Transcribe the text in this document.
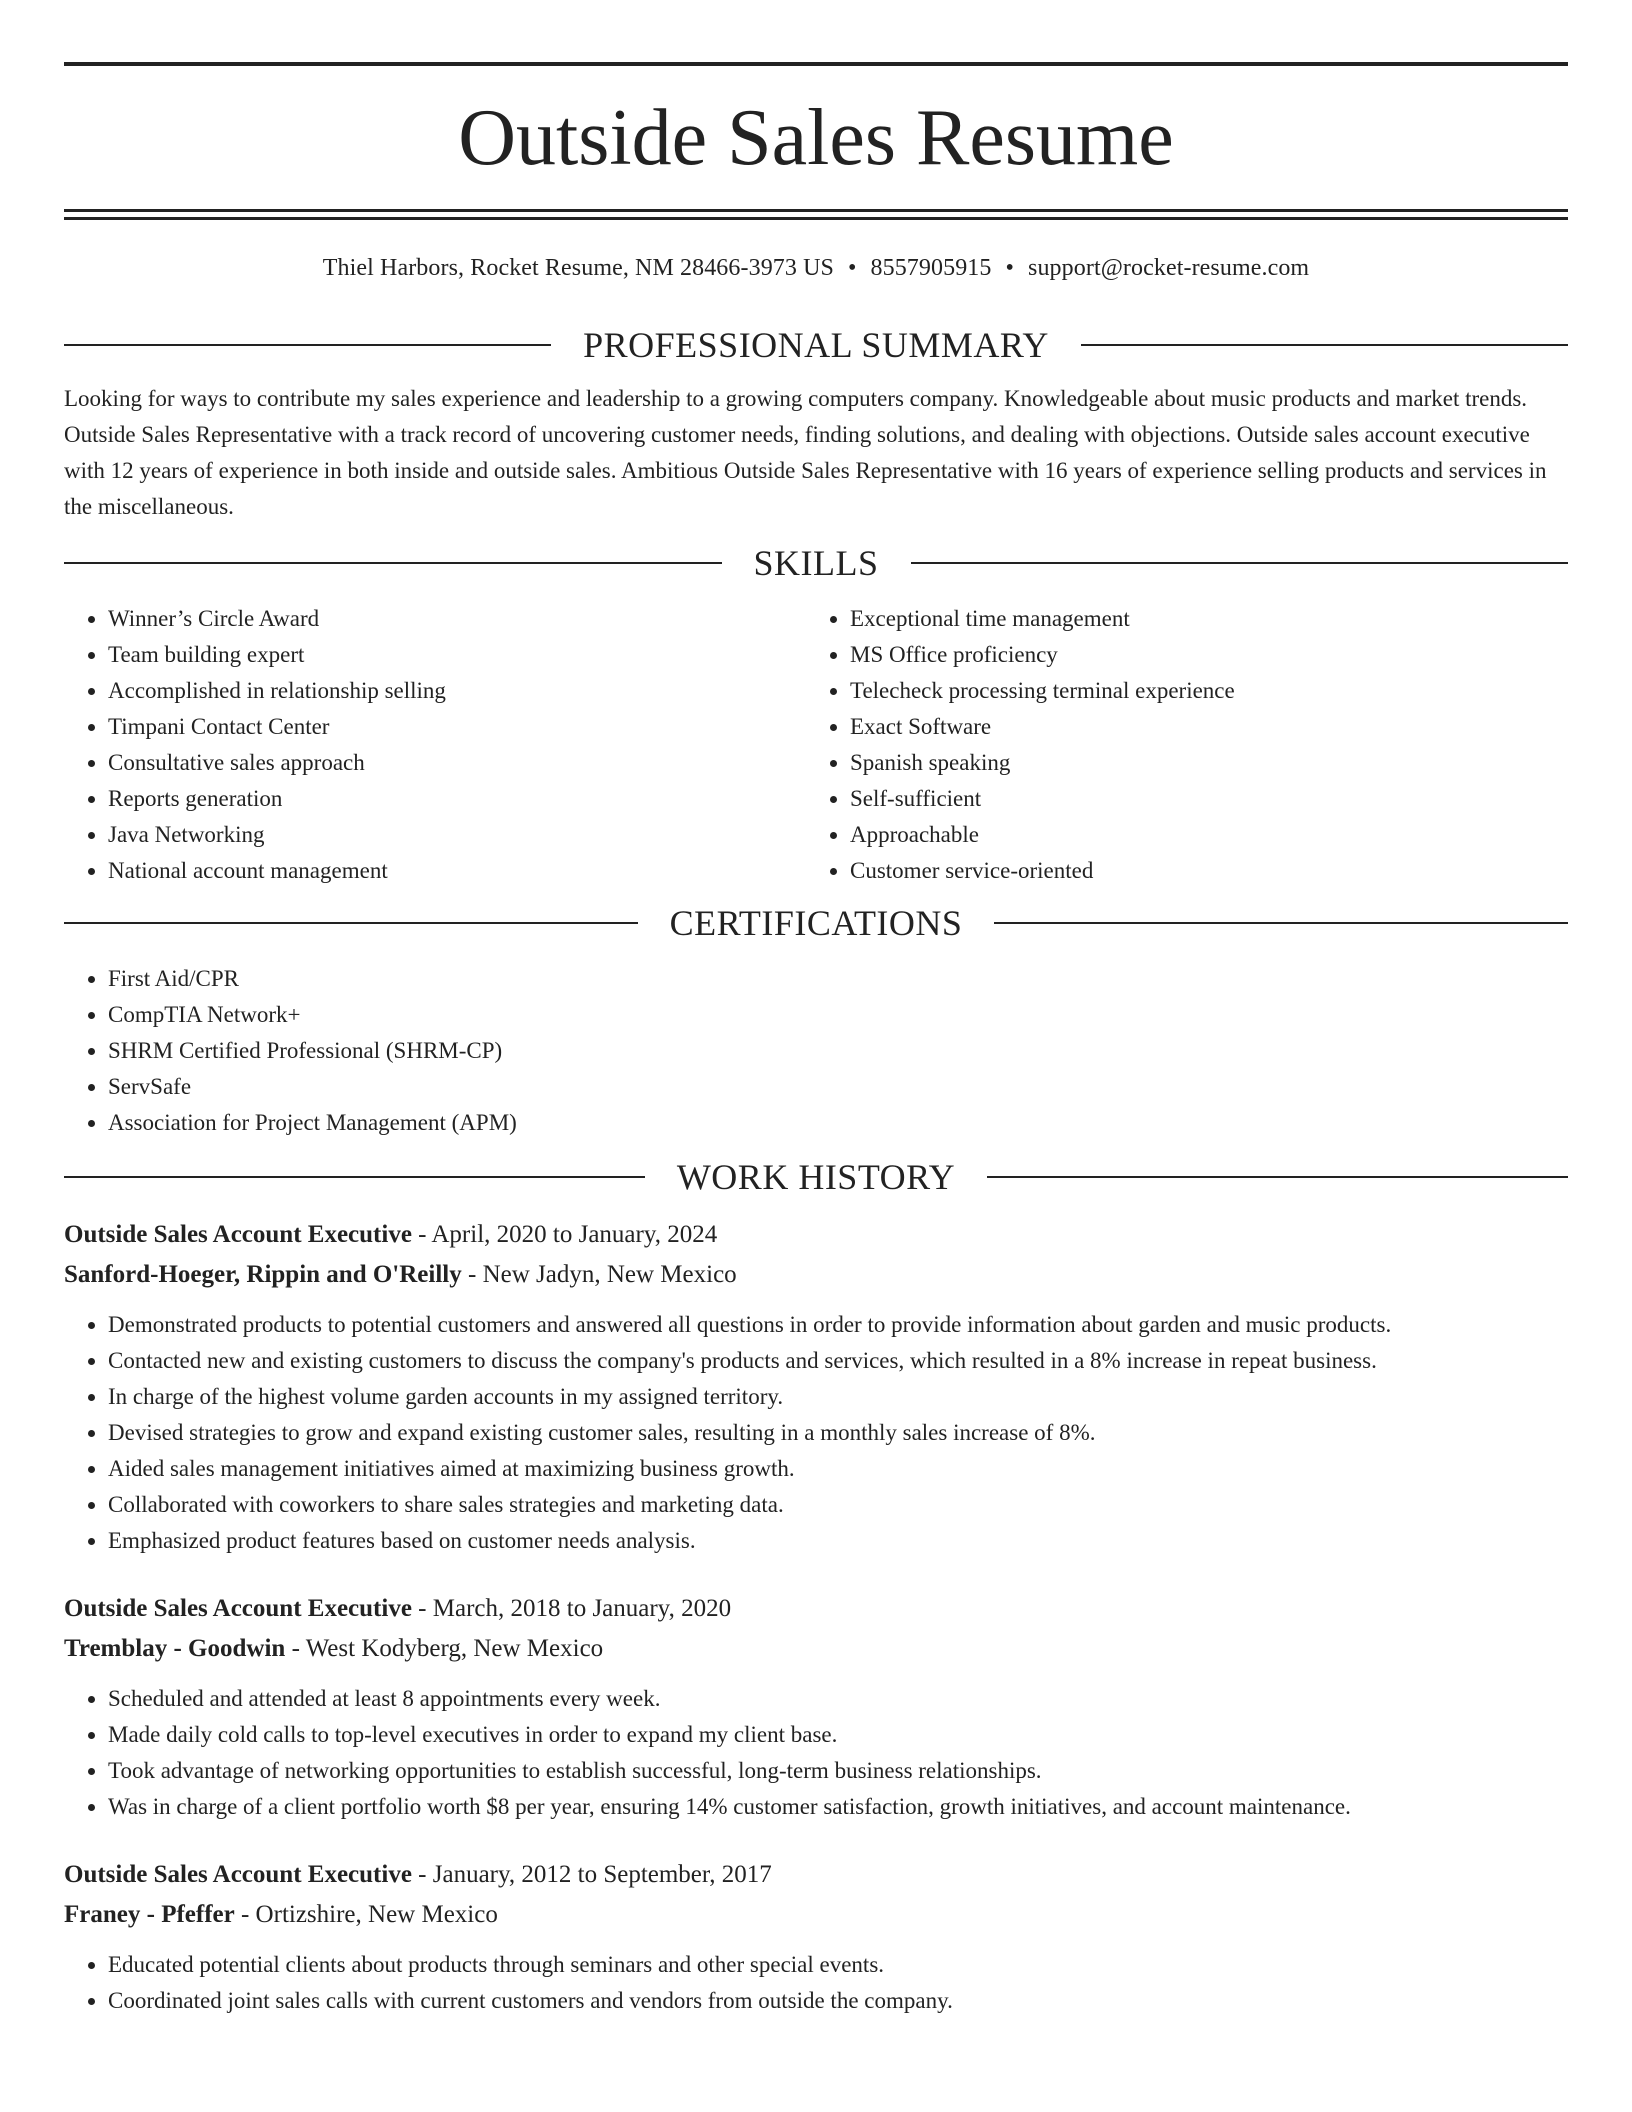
Outside Sales Resume
Thiel Harbors, Rocket Resume, NM 28466-3973 US • 8557905915 • support@rocket-resume.com
PROFESSIONAL SUMMARY

Looking for ways to contribute my sales experience and leadership to a growing computers company. Knowledgeable about music products and market trends. Outside Sales Representative with a track record of uncovering customer needs, finding solutions, and dealing with objections. Outside sales account executive with 12 years of experience in both inside and outside sales. Ambitious Outside Sales Representative with 16 years of experience selling products and services in the miscellaneous.

SKILLS
• Winner’s Circle Award
• Team building expert
• Accomplished in relationship selling
• Timpani Contact Center
• Consultative sales approach
• Reports generation
• Java Networking
• National account management
• Exceptional time management
• MS Office proficiency
• Telecheck processing terminal experience
• Exact Software
• Spanish speaking
• Self-sufficient
• Approachable
• Customer service-oriented
CERTIFICATIONS
• First Aid/CPR
• CompTIA Network+
• SHRM Certified Professional (SHRM-CP)
• ServSafe
• Association for Project Management (APM)
WORK HISTORY
Outside Sales Account Executive - April, 2020 to January, 2024
Sanford-Hoeger, Rippin and O'Reilly - New Jadyn, New Mexico
• Demonstrated products to potential customers and answered all questions in order to provide information about garden and music products.
• Contacted new and existing customers to discuss the company's products and services, which resulted in a 8% increase in repeat business.
• In charge of the highest volume garden accounts in my assigned territory.
• Devised strategies to grow and expand existing customer sales, resulting in a monthly sales increase of 8%.
• Aided sales management initiatives aimed at maximizing business growth.
• Collaborated with coworkers to share sales strategies and marketing data.
• Emphasized product features based on customer needs analysis.
Outside Sales Account Executive - March, 2018 to January, 2020
Tremblay - Goodwin - West Kodyberg, New Mexico
• Scheduled and attended at least 8 appointments every week.
• Made daily cold calls to top-level executives in order to expand my client base.
• Took advantage of networking opportunities to establish successful, long-term business relationships.
• Was in charge of a client portfolio worth $8 per year, ensuring 14% customer satisfaction, growth initiatives, and account maintenance.
Outside Sales Account Executive - January, 2012 to September, 2017
Franey - Pfeffer - Ortizshire, New Mexico
• Educated potential clients about products through seminars and other special events.
• Coordinated joint sales calls with current customers and vendors from outside the company.
